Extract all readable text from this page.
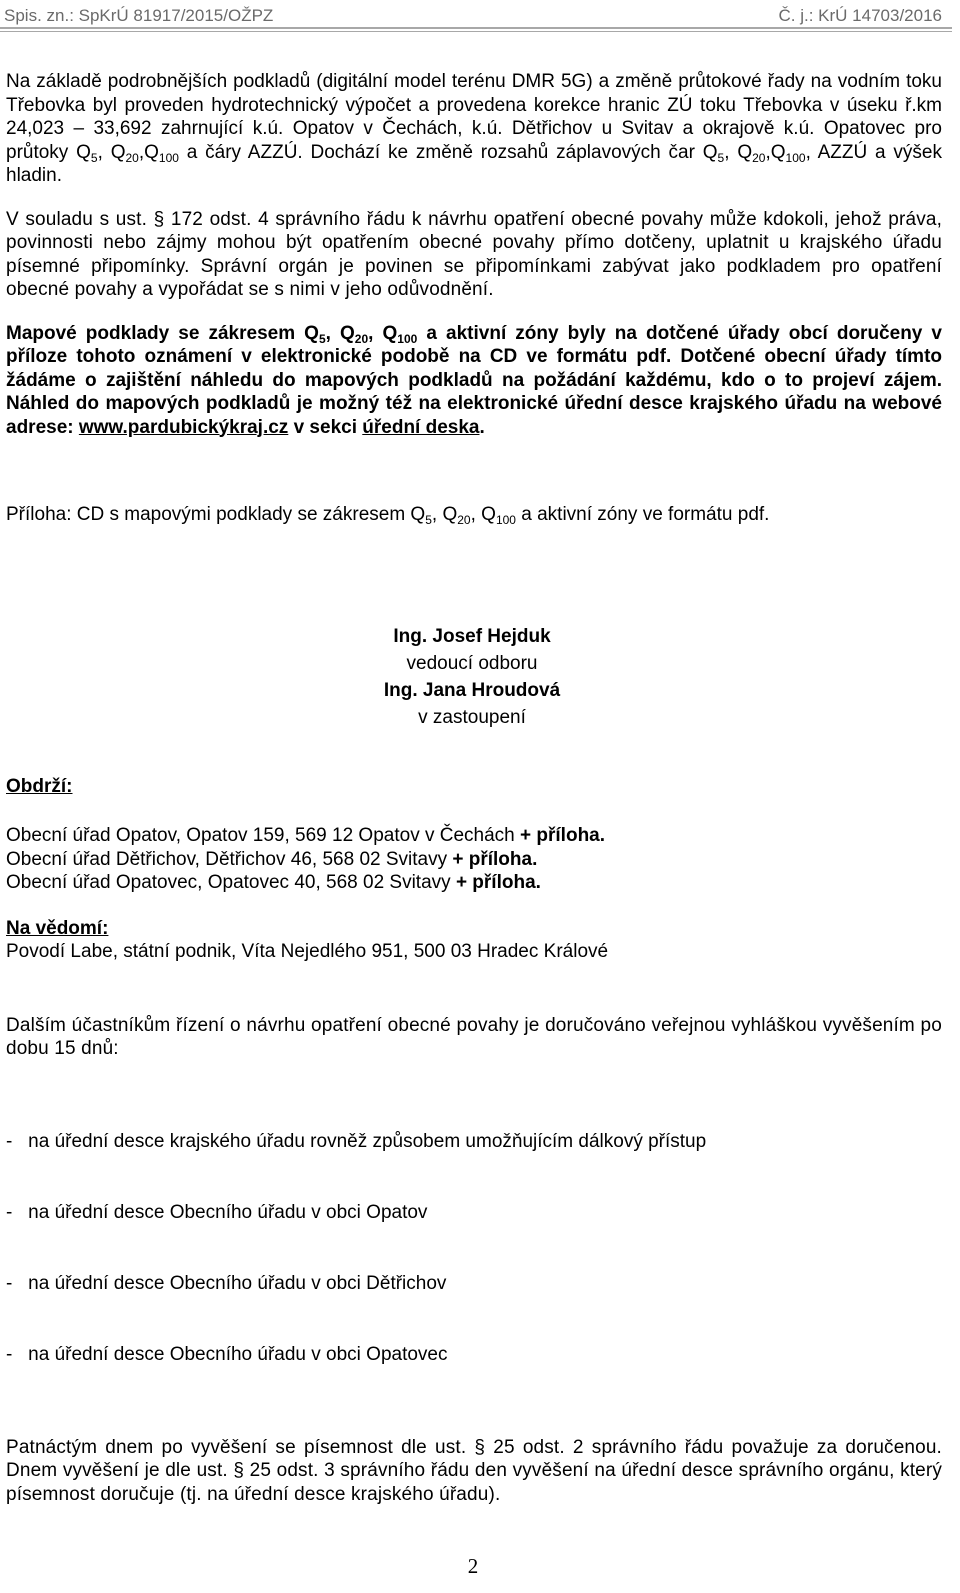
Spis. zn.: SpKrÚ 81917/2015/OŽPZ	Č. j.: KrÚ 14703/2016

Na základě podrobnějších podkladů (digitální model terénu DMR 5G) a změně průtokové řady na vodním toku Třebovka byl proveden hydrotechnický výpočet a provedena korekce hranic ZÚ toku Třebovka v úseku ř.km 24,023 – 33,692 zahrnující k.ú. Opatov v Čechách, k.ú. Dětřichov u Svitav a okrajově k.ú. Opatovec pro průtoky $Q_5$, $Q_{20},Q_{100}$ a čáry AZZÚ. Dochází ke změně rozsahů záplavových čar $Q_5$, $Q_{20},Q_{100}$, AZZÚ a výšek hladin.

V souladu s ust. § 172 odst. 4 správního řádu k návrhu opatření obecné povahy může kdokoli, jehož práva, povinnosti nebo zájmy mohou být opatřením obecné povahy přímo dotčeny, uplatnit u krajského úřadu písemné připomínky. Správní orgán je povinen se připomínkami zabývat jako podkladem pro opatření obecné povahy a vypořádat se s nimi v jeho odůvodnění.

Mapové podklady se zákresem $Q_5$, $Q_{20}$, $Q_{100}$ a aktivní zóny byly na dotčené úřady obcí doručeny v příloze tohoto oznámení v elektronické podobě na CD ve formátu pdf. Dotčené obecní úřady tímto žádáme o zajištění náhledu do mapových podkladů na požádání každému, kdo o to projeví zájem. Náhled do mapových podkladů je možný též na elektronické úřední desce krajského úřadu na webové adrese: www.pardubickýkraj.cz v sekci úřední deska.

Příloha: CD s mapovými podklady se zákresem $Q_5$, $Q_{20}$, $Q_{100}$ a aktivní zóny ve formátu pdf.

Ing. Josef Hejduk
vedoucí odboru
Ing. Jana Hroudová
v zastoupení

Obdrží:

Obecní úřad Opatov, Opatov 159, 569 12 Opatov v Čechách + příloha.

Obecní úřad Dětřichov, Dětřichov 46, 568 02 Svitavy + příloha.

Obecní úřad Opatovec, Opatovec 40, 568 02 Svitavy + příloha.

Na vědomí:

Povodí Labe, státní podnik, Víta Nejedlého 951, 500 03 Hradec Králové

Dalším účastníkům řízení o návrhu opatření obecné povahy je doručováno veřejnou vyhláškou vyvěšením po dobu 15 dnů:

-   na úřední desce krajského úřadu rovněž způsobem umožňujícím dálkový přístup

-   na úřední desce Obecního úřadu v obci Opatov

-   na úřední desce Obecního úřadu v obci Dětřichov

-   na úřední desce Obecního úřadu v obci Opatovec

Patnáctým dnem po vyvěšení se písemnost dle ust. § 25 odst. 2 správního řádu považuje za doručenou. Dnem vyvěšení je dle ust. § 25 odst. 3 správního řádu den vyvěšení na úřední desce správního orgánu, který písemnost doručuje (tj. na úřední desce krajského úřadu).

2
